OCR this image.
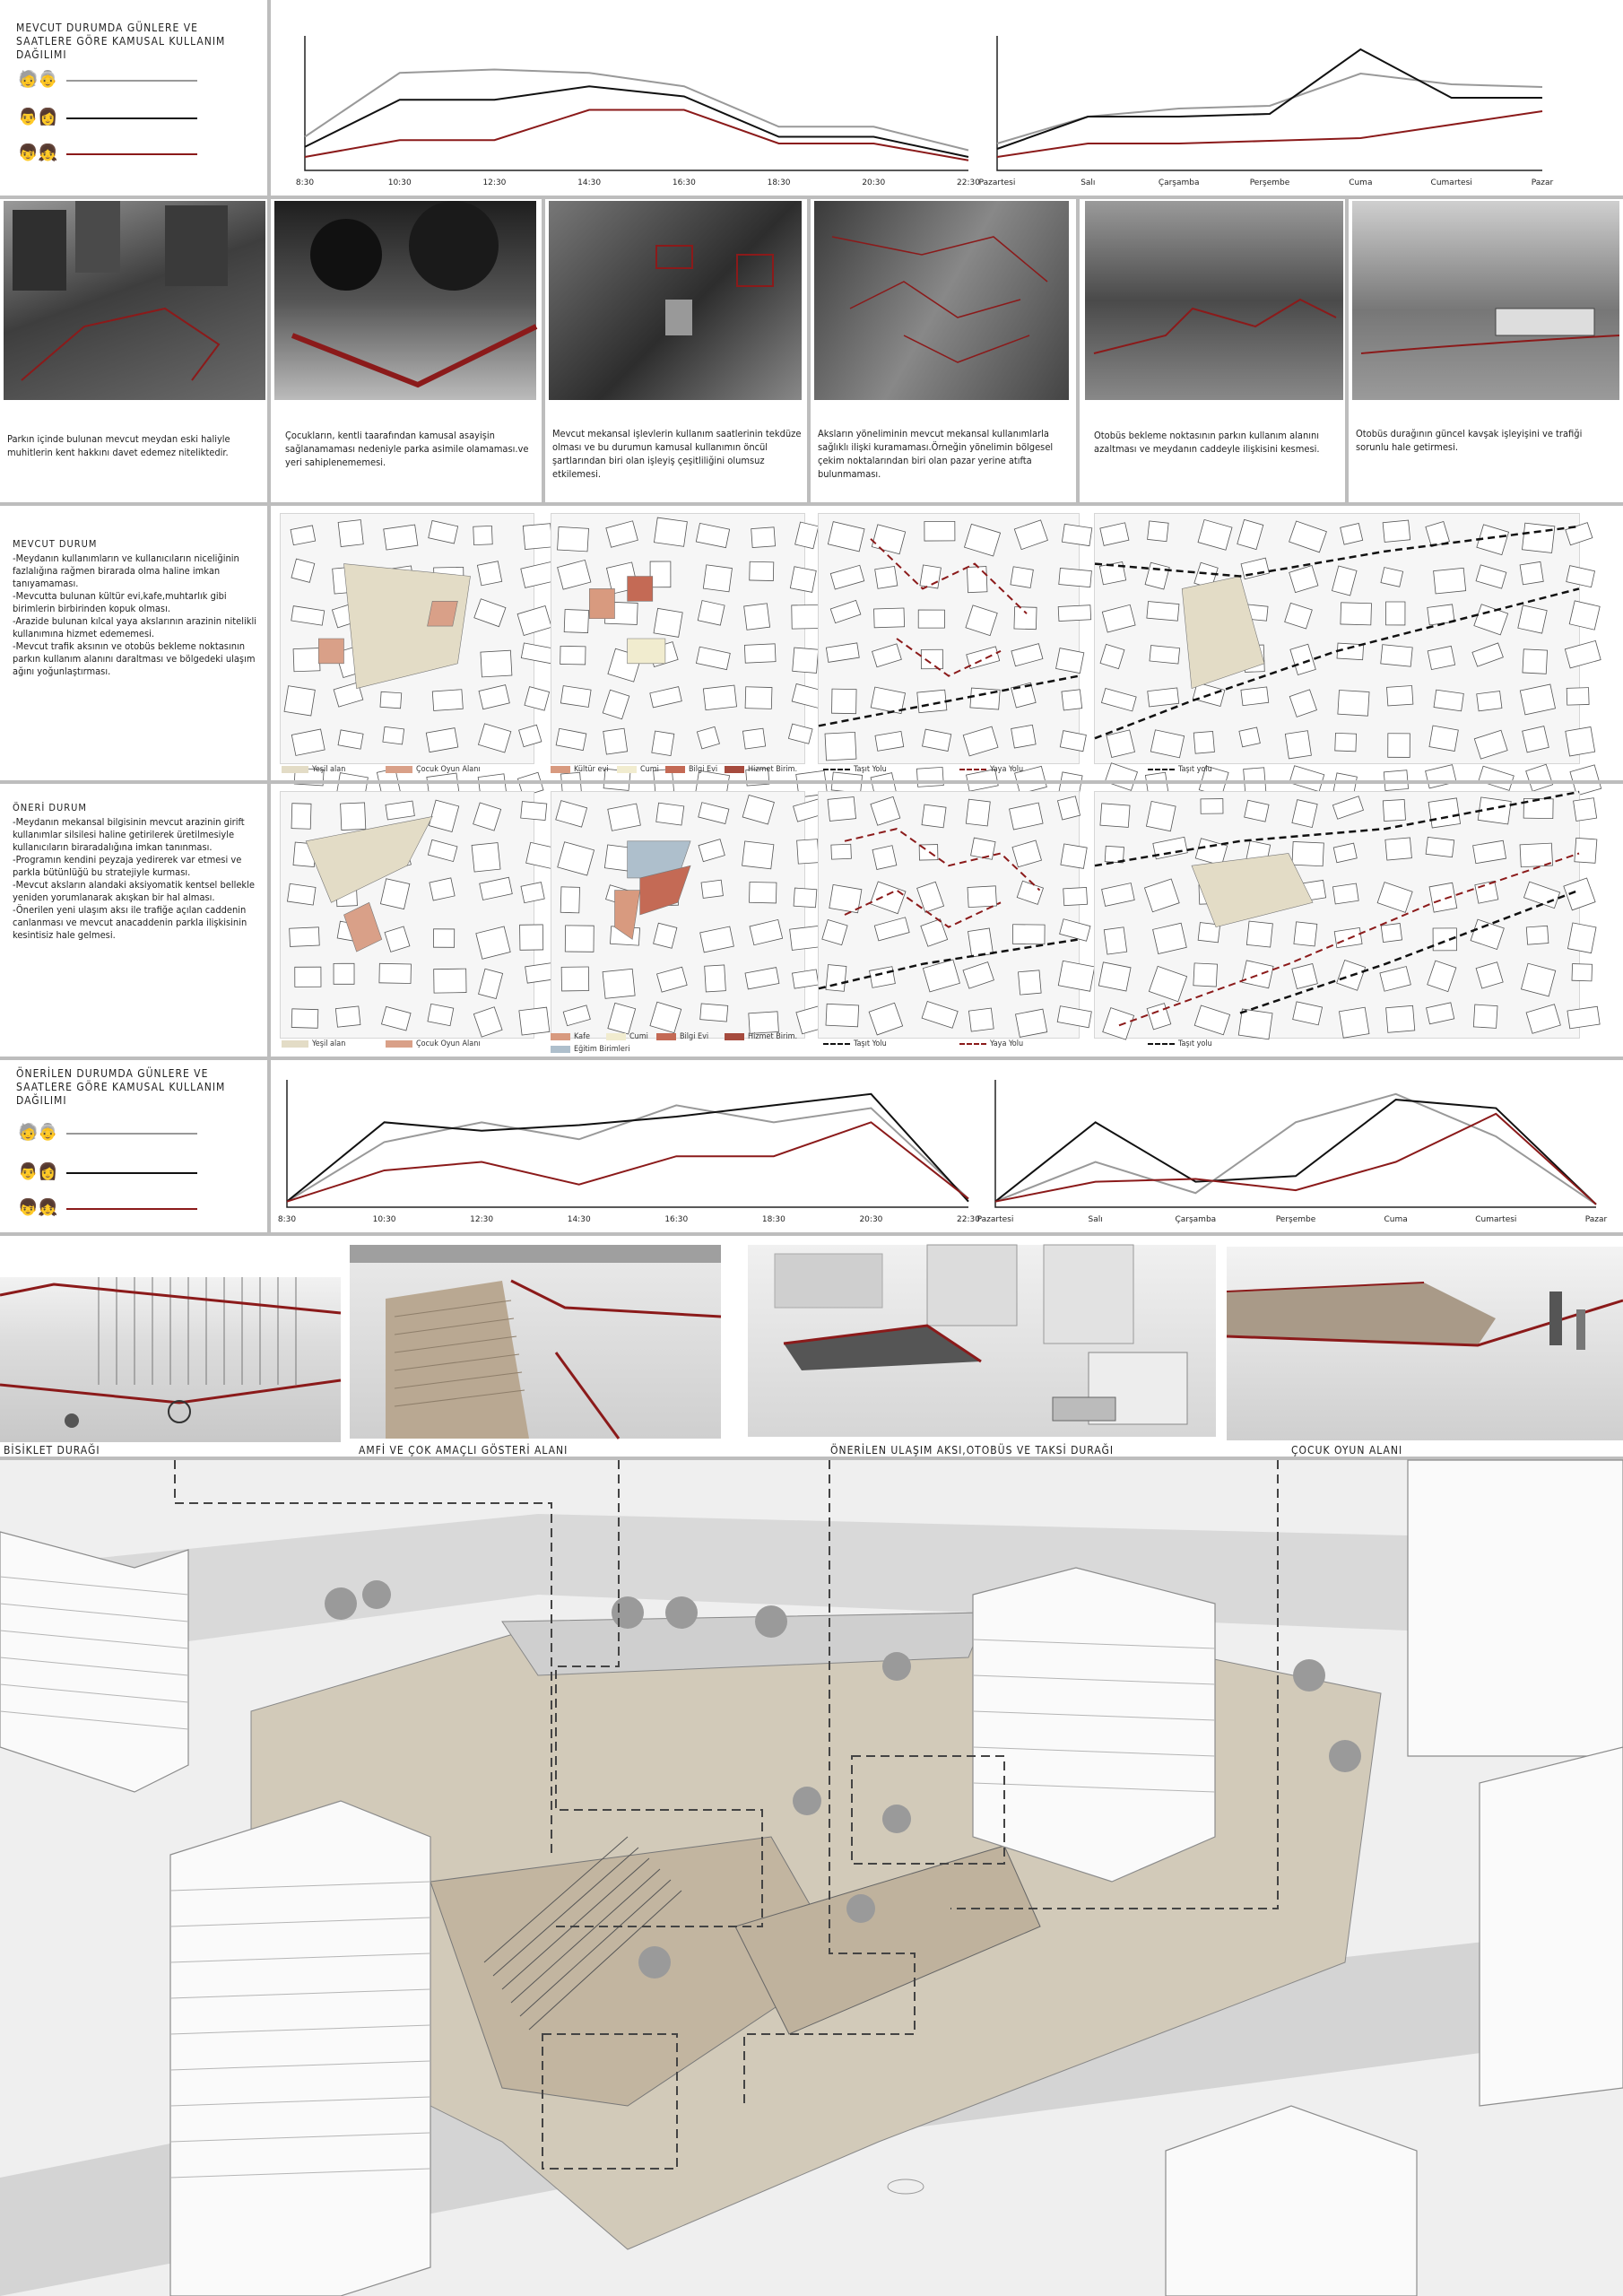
MEVCUT DURUMDA GÜNLERE VE SAATLERE GÖRE KAMUSAL KULLANIM DAĞILIMI
🧓👵
👨👩
👦👧
8:30	10:30	12:30	14:30	16:30	18:30	20:30	22:30
Pazartesi	Salı	Çarşamba	Perşembe	Cuma	Cumartesi	Pazar
Parkın içinde bulunan mevcut meydan eski haliyle muhitlerin kent hakkını davet edemez niteliktedir.
Çocukların, kentli taarafından kamusal asayişin sağlanamaması nedeniyle parka asimile olamaması.ve yeri sahiplenememesi.
Mevcut mekansal işlevlerin kullanım saatlerinin tekdüze olması ve bu durumun kamusal kullanımın öncül şartlarından biri olan işleyiş çeşitliliğini olumsuz etkilemesi.
Aksların yöneliminin mevcut mekansal kullanımlarla sağlıklı ilişki kuramaması.Örneğin yönelimin bölgesel çekim noktalarından biri olan pazar yerine atıfta bulunmaması.
Otobüs bekleme noktasının parkın kullanım alanını azaltması ve meydanın caddeyle ilişkisini kesmesi.
Otobüs durağının güncel kavşak işleyişini ve trafiği sorunlu hale getirmesi.
MEVCUT DURUM
-Meydanın kullanımların ve kullanıcıların niceliğinin fazlalığına rağmen birarada olma haline imkan tanıyamaması.
-Mevcutta bulunan kültür evi,kafe,muhtarlık gibi birimlerin birbirinden kopuk olması.
-Arazide bulunan kılcal yaya akslarının arazinin nitelikli kullanımına hizmet edememesi.
-Mevcut trafik aksının ve otobüs bekleme noktasının parkın kullanım alanını daraltması ve bölgedeki ulaşım ağını yoğunlaştırması.
Yeşil alan	Çocuk Oyun Alanı	Kültür evi	Cumi	Bilgi Evi	Hizmet Birim.	Taşıt Yolu	Yaya Yolu	Taşıt yolu
ÖNERİ DURUM
-Meydanın mekansal bilgisinin mevcut arazinin girift kullanımlar silsilesi haline getirilerek üretilmesiyle kullanıcıların biraradalığına imkan tanınması.
-Programın kendini peyzaja yedirerek var etmesi ve parkla bütünlüğü bu stratejiyle kurması.
-Mevcut aksların alandaki aksiyomatik kentsel bellekle yeniden yorumlanarak akışkan bir hal alması.
-Önerilen yeni ulaşım aksı ile trafiğe açılan caddenin canlanması ve mevcut anacaddenin parkla ilişkisinin kesintisiz hale gelmesi.
Yeşil alan	Çocuk Oyun Alanı
Kafe	Cumi	Bilgi Evi	Hizmet Birim.
Eğitim Birimleri
Taşıt Yolu	Yaya Yolu	Taşıt yolu
ÖNERİLEN DURUMDA GÜNLERE VE SAATLERE GÖRE KAMUSAL KULLANIM DAĞILIMI
🧓👵
👨👩
👦👧
8:30	10:30	12:30	14:30	16:30	18:30	20:30	22:30
Pazartesi	Salı	Çarşamba	Perşembe	Cuma	Cumartesi	Pazar
BİSİKLET DURAĞI	AMFİ VE ÇOK AMAÇLI GÖSTERİ ALANI	ÖNERİLEN ULAŞIM AKSI,OTOBÜS VE TAKSİ DURAĞI	ÇOCUK OYUN ALANI
